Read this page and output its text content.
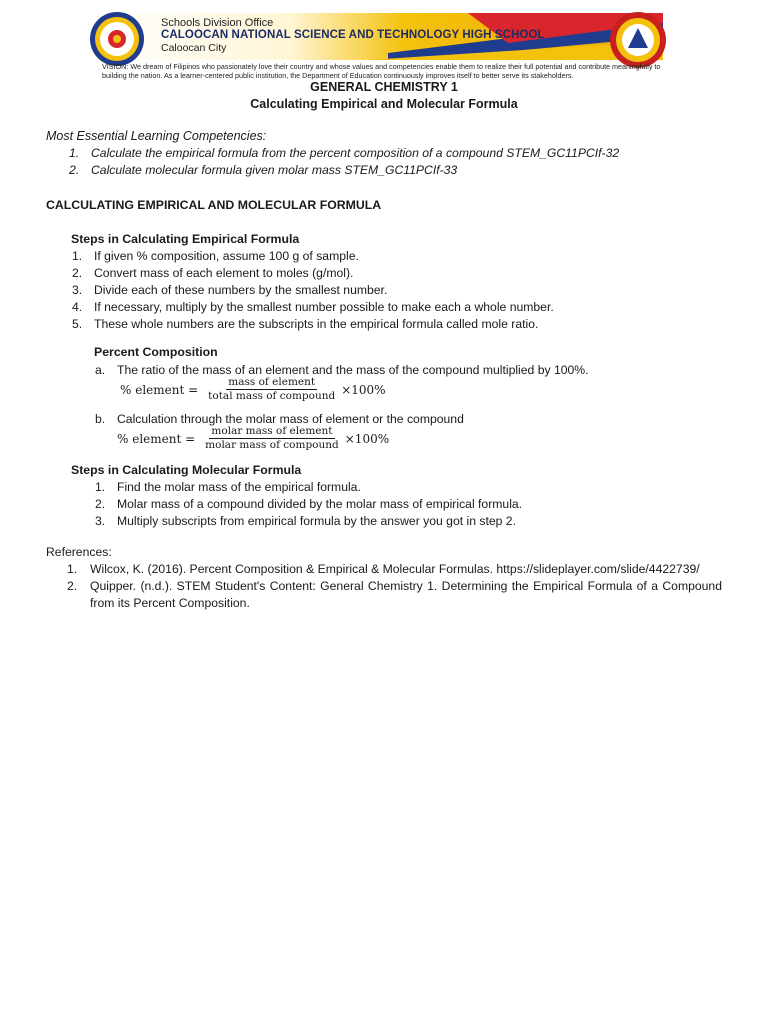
Schools Division Office
CALOOCAN NATIONAL SCIENCE AND TECHNOLOGY HIGH SCHOOL
Caloocan City
VISION: We dream of Filipinos who passionately love their country and whose values and competencies enable them to realize their full potential and contribute meaningfully to building the nation. As a learner-centered public institution, the Department of Education continuously improves itself to better serve its stakeholders.
GENERAL CHEMISTRY 1
Calculating Empirical and Molecular Formula
Most Essential Learning Competencies:
1. Calculate the empirical formula from the percent composition of a compound STEM_GC11PCIf-32
2. Calculate molecular formula given molar mass STEM_GC11PCIf-33
CALCULATING EMPIRICAL AND MOLECULAR FORMULA
Steps in Calculating Empirical Formula
1. If given % composition, assume 100 g of sample.
2. Convert mass of each element to moles (g/mol).
3. Divide each of these numbers by the smallest number.
4. If necessary, multiply by the smallest number possible to make each a whole number.
5. These whole numbers are the subscripts in the empirical formula called mole ratio.
Percent Composition
a. The ratio of the mass of an element and the mass of the compound multiplied by 100%.
% element = $\frac{\text{mass of element}}{\text{total mass of compound}} \times 100\%$
b. Calculation through the molar mass of element or the compound
% element = $\frac{\text{molar mass of element}}{\text{molar mass of compound}} \times 100\%$
Steps in Calculating Molecular Formula
1. Find the molar mass of the empirical formula.
2. Molar mass of a compound divided by the molar mass of empirical formula.
3. Multiply subscripts from empirical formula by the answer you got in step 2.
References:
1. Wilcox, K. (2016). Percent Composition & Empirical & Molecular Formulas. https://slideplayer.com/slide/4422739/
2. Quipper. (n.d.). STEM Student's Content: General Chemistry 1. Determining the Empirical Formula of a Compound from its Percent Composition.
